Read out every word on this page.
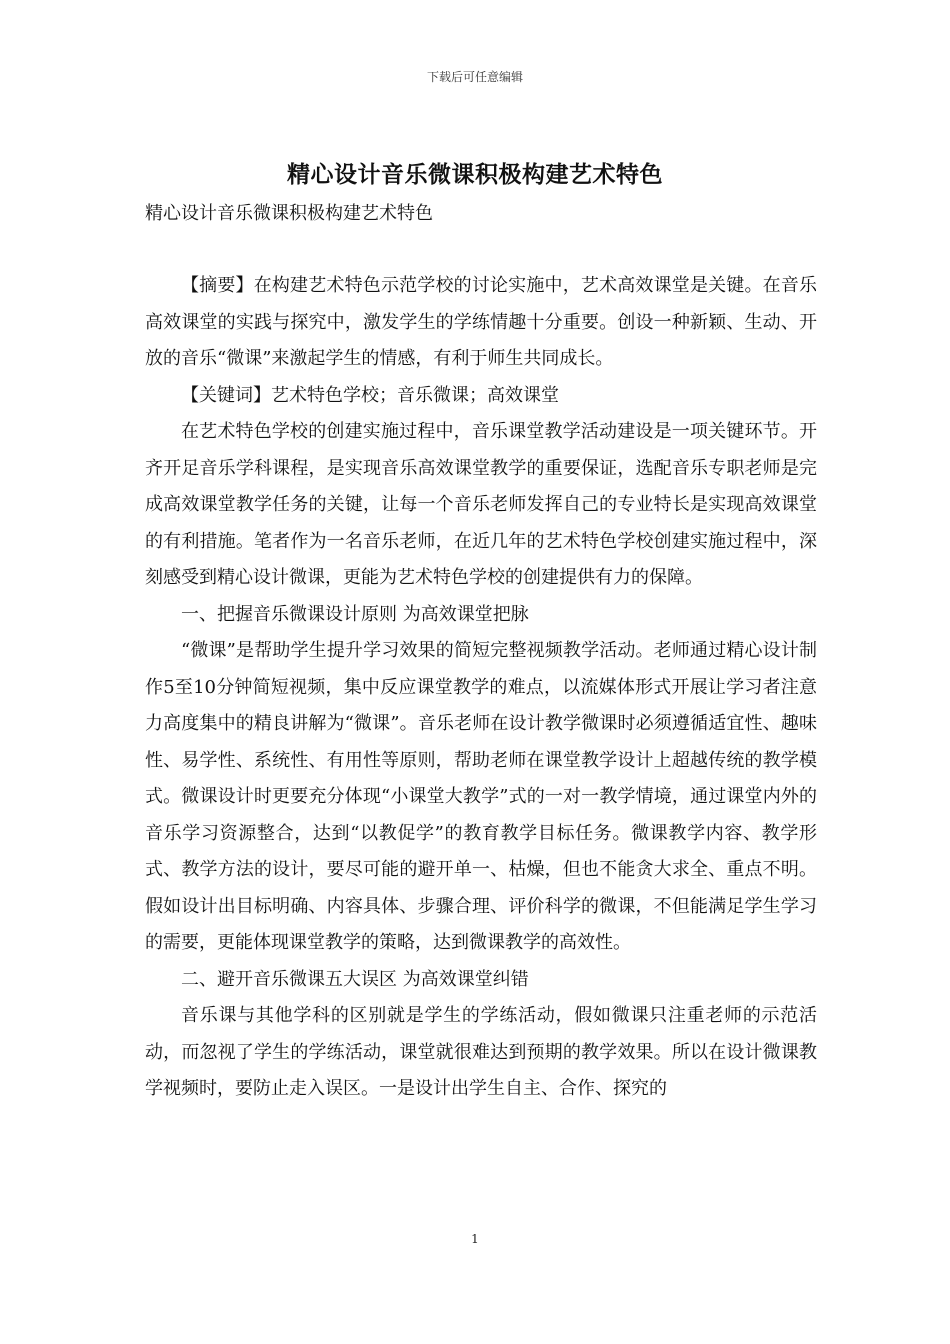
下载后可任意编辑
精心设计音乐微课积极构建艺术特色
精心设计音乐微课积极构建艺术特色

【摘要】在构建艺术特色示范学校的讨论实施中，艺术高效课堂是关键。在音乐高效课堂的实践与探究中，激发学生的学练情趣十分重要。创设一种新颖、生动、开放的音乐“微课”来激起学生的情感，有利于师生共同成长。

【关键词】艺术特色学校；音乐微课；高效课堂

在艺术特色学校的创建实施过程中，音乐课堂教学活动建设是一项关键环节。开齐开足音乐学科课程，是实现音乐高效课堂教学的重要保证，选配音乐专职老师是完成高效课堂教学任务的关键，让每一个音乐老师发挥自己的专业特长是实现高效课堂的有利措施。笔者作为一名音乐老师，在近几年的艺术特色学校创建实施过程中，深刻感受到精心设计微课，更能为艺术特色学校的创建提供有力的保障。

一、把握音乐微课设计原则 为高效课堂把脉

“微课”是帮助学生提升学习效果的简短完整视频教学活动。老师通过精心设计制作5至10分钟简短视频，集中反应课堂教学的难点，以流媒体形式开展让学习者注意力高度集中的精良讲解为“微课”。音乐老师在设计教学微课时必须遵循适宜性、趣味性、易学性、系统性、有用性等原则，帮助老师在课堂教学设计上超越传统的教学模式。微课设计时更要充分体现“小课堂大教学”式的一对一教学情境，通过课堂内外的音乐学习资源整合，达到“以教促学”的教育教学目标任务。微课教学内容、教学形式、教学方法的设计，要尽可能的避开单一、枯燥，但也不能贪大求全、重点不明。假如设计出目标明确、内容具体、步骤合理、评价科学的微课，不但能满足学生学习的需要，更能体现课堂教学的策略，达到微课教学的高效性。

二、避开音乐微课五大误区 为高效课堂纠错

音乐课与其他学科的区别就是学生的学练活动，假如微课只注重老师的示范活动，而忽视了学生的学练活动，课堂就很难达到预期的教学效果。所以在设计微课教学视频时，要防止走入误区。一是设计出学生自主、合作、探究的

1
